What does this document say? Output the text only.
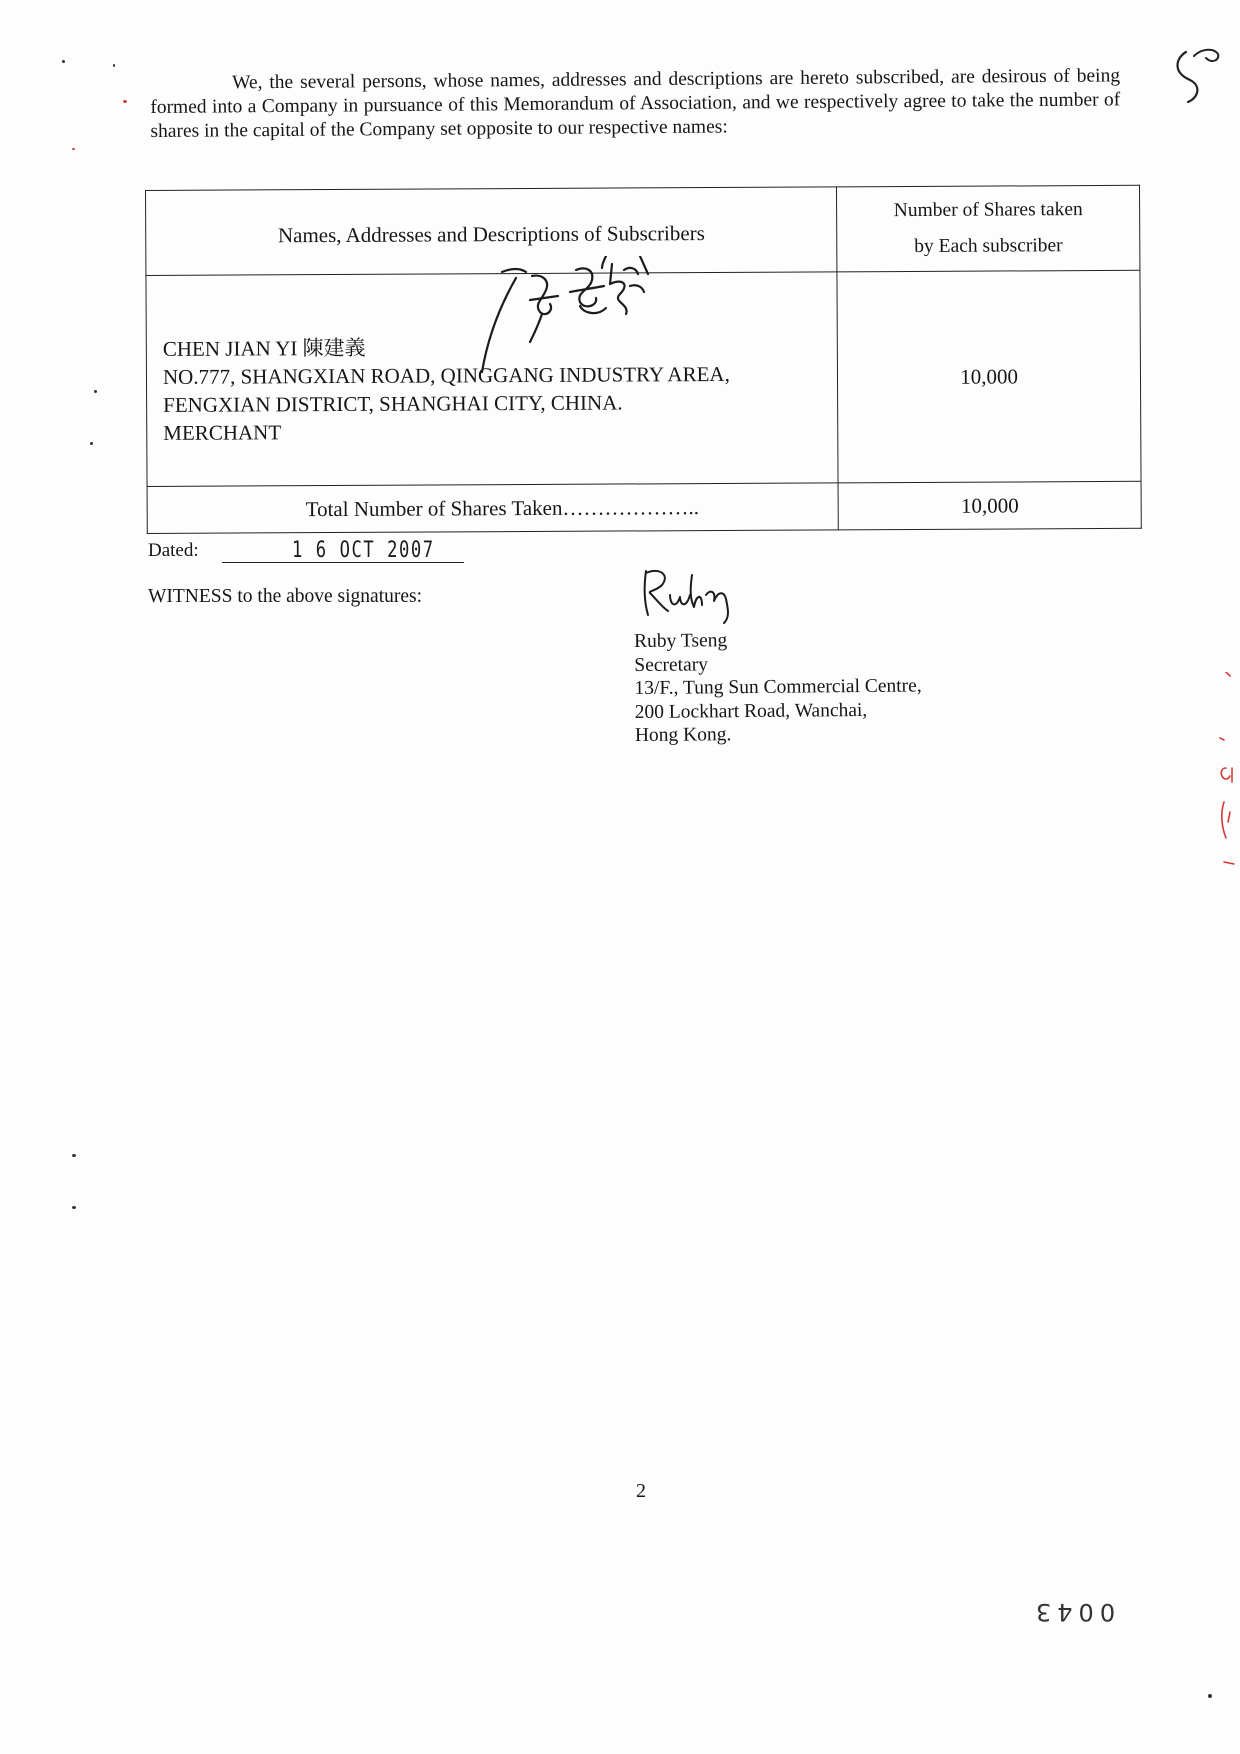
We, the several persons, whose names, addresses and descriptions are hereto subscribed, are desirous of being formed into a Company in pursuance of this Memorandum of Association, and we respectively agree to take the number of shares in the capital of the Company set opposite to our respective names:
Names, Addresses and Descriptions of Subscribers	Number of Shares taken
by Each subscriber

CHEN JIAN YI 陳建義
NO.777, SHANGXIAN ROAD, QINGGANG INDUSTRY AREA,
FENGXIAN DISTRICT, SHANGHAI CITY, CHINA.
MERCHANT	10,000
Total Number of Shares Taken………………..	10,000
Dated:	1 6 OCT 2007
WITNESS to the above signatures:
Ruby Tseng
Secretary
13/F., Tung Sun Commercial Centre,
200 Lockhart Road, Wanchai,
Hong Kong.
2
0043
